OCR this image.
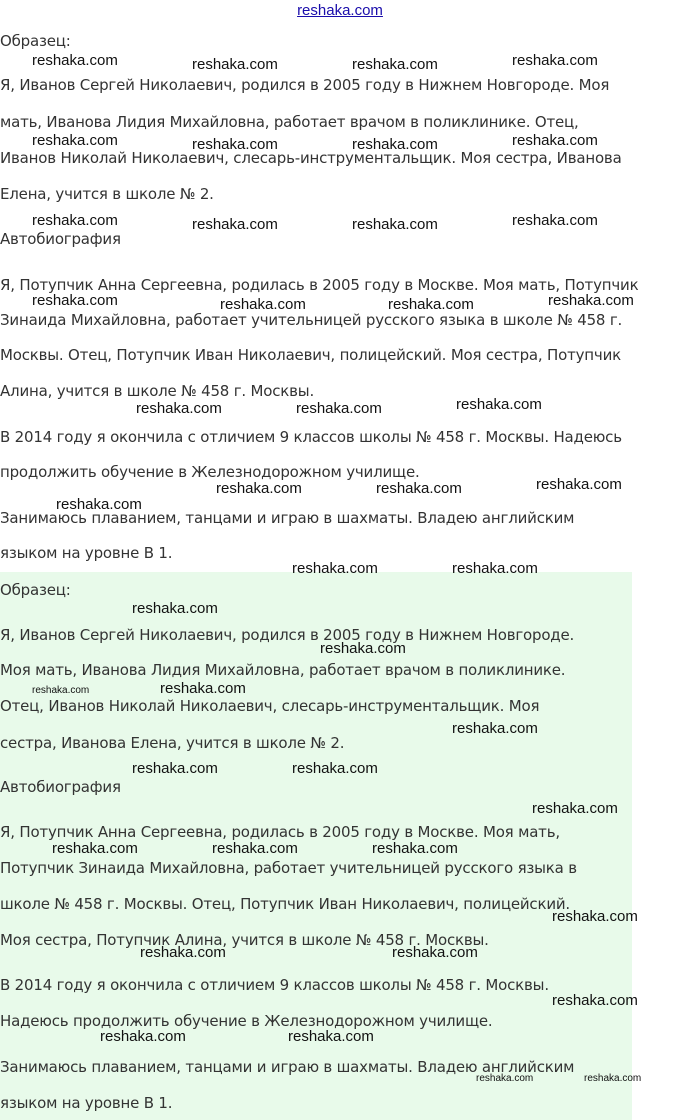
reshaka.com

Образец:

Я, Иванов Сергей Николаевич, родился в 2005 году в Нижнем Новгороде. Моя

мать, Иванова Лидия Михайловна, работает врачом в поликлинике. Отец,

Иванов Николай Николаевич, слесарь-инструментальщик. Моя сестра, Иванова

Елена, учится в школе № 2.

Автобиография

Я, Потупчик Анна Сергеевна, родилась в 2005 году в Москве. Моя мать, Потупчик

Зинаида Михайловна, работает учительницей русского языка в школе № 458 г.

Москвы. Отец, Потупчик Иван Николаевич, полицейский. Моя сестра, Потупчик

Алина, учится в школе № 458 г. Москвы.

В 2014 году я окончила с отличием 9 классов школы № 458 г. Москвы. Надеюсь

продолжить обучение в Железнодорожном училище.

Занимаюсь плаванием, танцами и играю в шахматы. Владею английским

языком на уровне В 1.

Образец:

Я, Иванов Сергей Николаевич, родился в 2005 году в Нижнем Новгороде.

Моя мать, Иванова Лидия Михайловна, работает врачом в поликлинике.

Отец, Иванов Николай Николаевич, слесарь-инструментальщик. Моя

сестра, Иванова Елена, учится в школе № 2.

Автобиография

Я, Потупчик Анна Сергеевна, родилась в 2005 году в Москве. Моя мать,

Потупчик Зинаида Михайловна, работает учительницей русского языка в

школе № 458 г. Москвы. Отец, Потупчик Иван Николаевич, полицейский.

Моя сестра, Потупчик Алина, учится в школе № 458 г. Москвы.

В 2014 году я окончила с отличием 9 классов школы № 458 г. Москвы.

Надеюсь продолжить обучение в Железнодорожном училище.

Занимаюсь плаванием, танцами и играю в шахматы. Владею английским

языком на уровне В 1.

reshaka.com	reshaka.com	reshaka.com	reshaka.com
reshaka.com	reshaka.com	reshaka.com	reshaka.com
reshaka.com	reshaka.com	reshaka.com	reshaka.com
reshaka.com	reshaka.com	reshaka.com	reshaka.com
reshaka.com	reshaka.com	reshaka.com
reshaka.com	reshaka.com	reshaka.com
reshaka.com
reshaka.com	reshaka.com
reshaka.com
reshaka.com
reshaka.com	reshaka.com
reshaka.com
reshaka.com	reshaka.com
reshaka.com
reshaka.com	reshaka.com	reshaka.com
reshaka.com
reshaka.com	reshaka.com
reshaka.com
reshaka.com	reshaka.com
reshaka.com	reshaka.com
